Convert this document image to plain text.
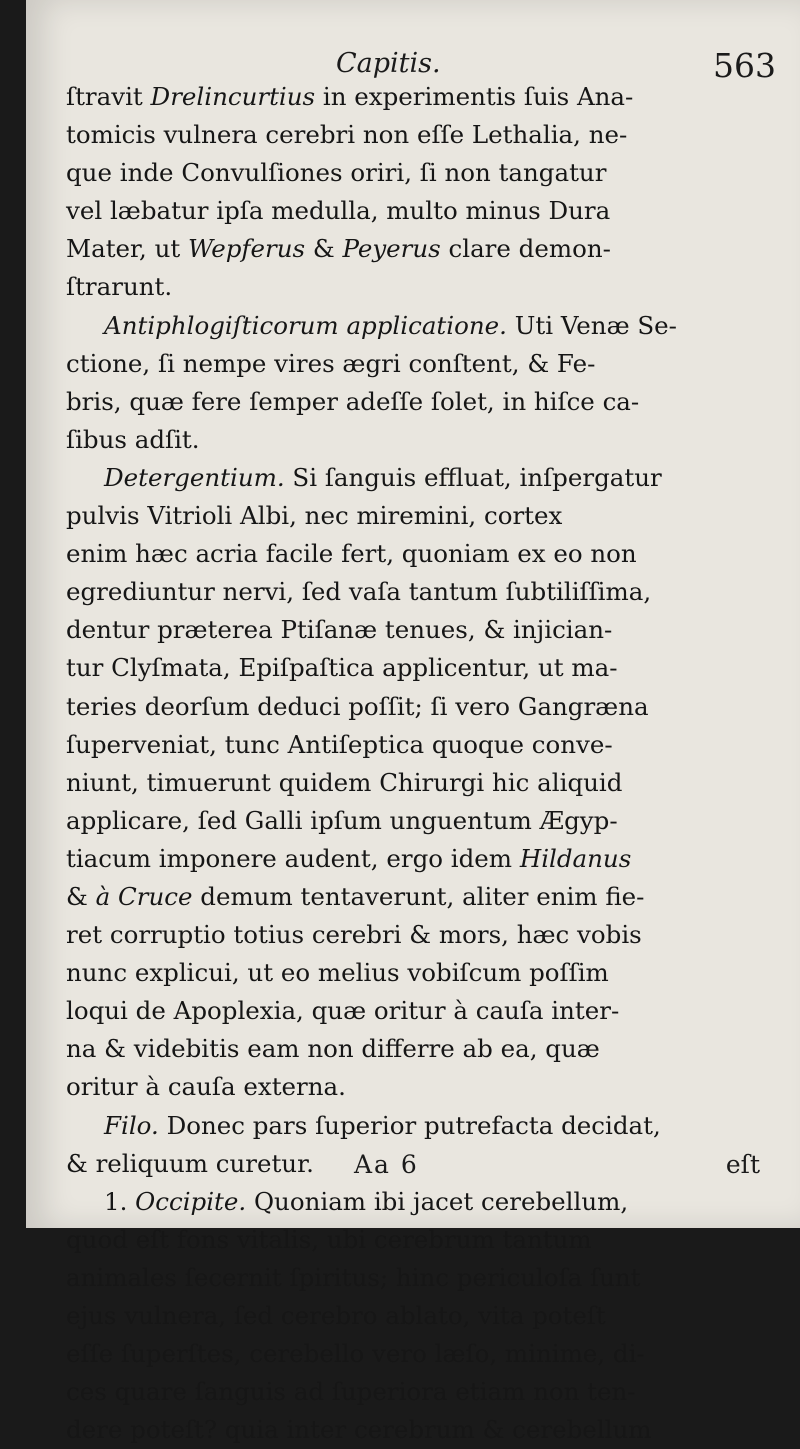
Capitis.	563
ſtravit Drelincurtius in experimentis ſuis Ana-
tomicis vulnera cerebri non eſſe Lethalia, ne-
que inde Convulſiones oriri, ſi non tangatur
vel læbatur ipſa medulla, multo minus Dura
Mater, ut Wepferus & Peyerus clare demon-
ſtrarunt.
Antiphlogiſticorum applicatione. Uti Venæ Se-
ctione, ſi nempe vires ægri conſtent, & Fe-
bris, quæ fere ſemper adeſſe ſolet, in hiſce ca-
ſibus adſit.
Detergentium. Si ſanguis effluat, inſpergatur
pulvis Vitrioli Albi, nec miremini, cortex
enim hæc acria facile fert, quoniam ex eo non
egrediuntur nervi, ſed vaſa tantum ſubtiliſſima,
dentur præterea Ptiſanæ tenues, & injician-
tur Clyſmata, Epiſpaſtica applicentur, ut ma-
teries deorſum deduci poſſit; ſi vero Gangræna
ſuperveniat, tunc Antiſeptica quoque conve-
niunt, timuerunt quidem Chirurgi hic aliquid
applicare, ſed Galli ipſum unguentum Ægyp-
tiacum imponere audent, ergo idem Hildanus
& à Cruce demum tentaverunt, aliter enim fie-
ret corruptio totius cerebri & mors, hæc vobis
nunc explicui, ut eo melius vobiſcum poſſim
loqui de Apoplexia, quæ oritur à cauſa inter-
na & videbitis eam non differre ab ea, quæ
oritur à cauſa externa.
Filo. Donec pars ſuperior putrefacta decidat,
& reliquum curetur.
1. Occipite. Quoniam ibi jacet cerebellum,
quod eſt fons vitalis, ubi cerebrum tantum
animales ſecernit ſpiritus; hinc periculoſa ſunt
ejus vulnera, ſed cerebro ablato, vita poteſt
eſſe ſuperſtes, cerebello vero læſo, minime, di-
ces quare ſanguis ad ſuperiora etiam non ten-
dere poteſt? quia inter cerebrum & cerebellum
Aa 6	eſt
